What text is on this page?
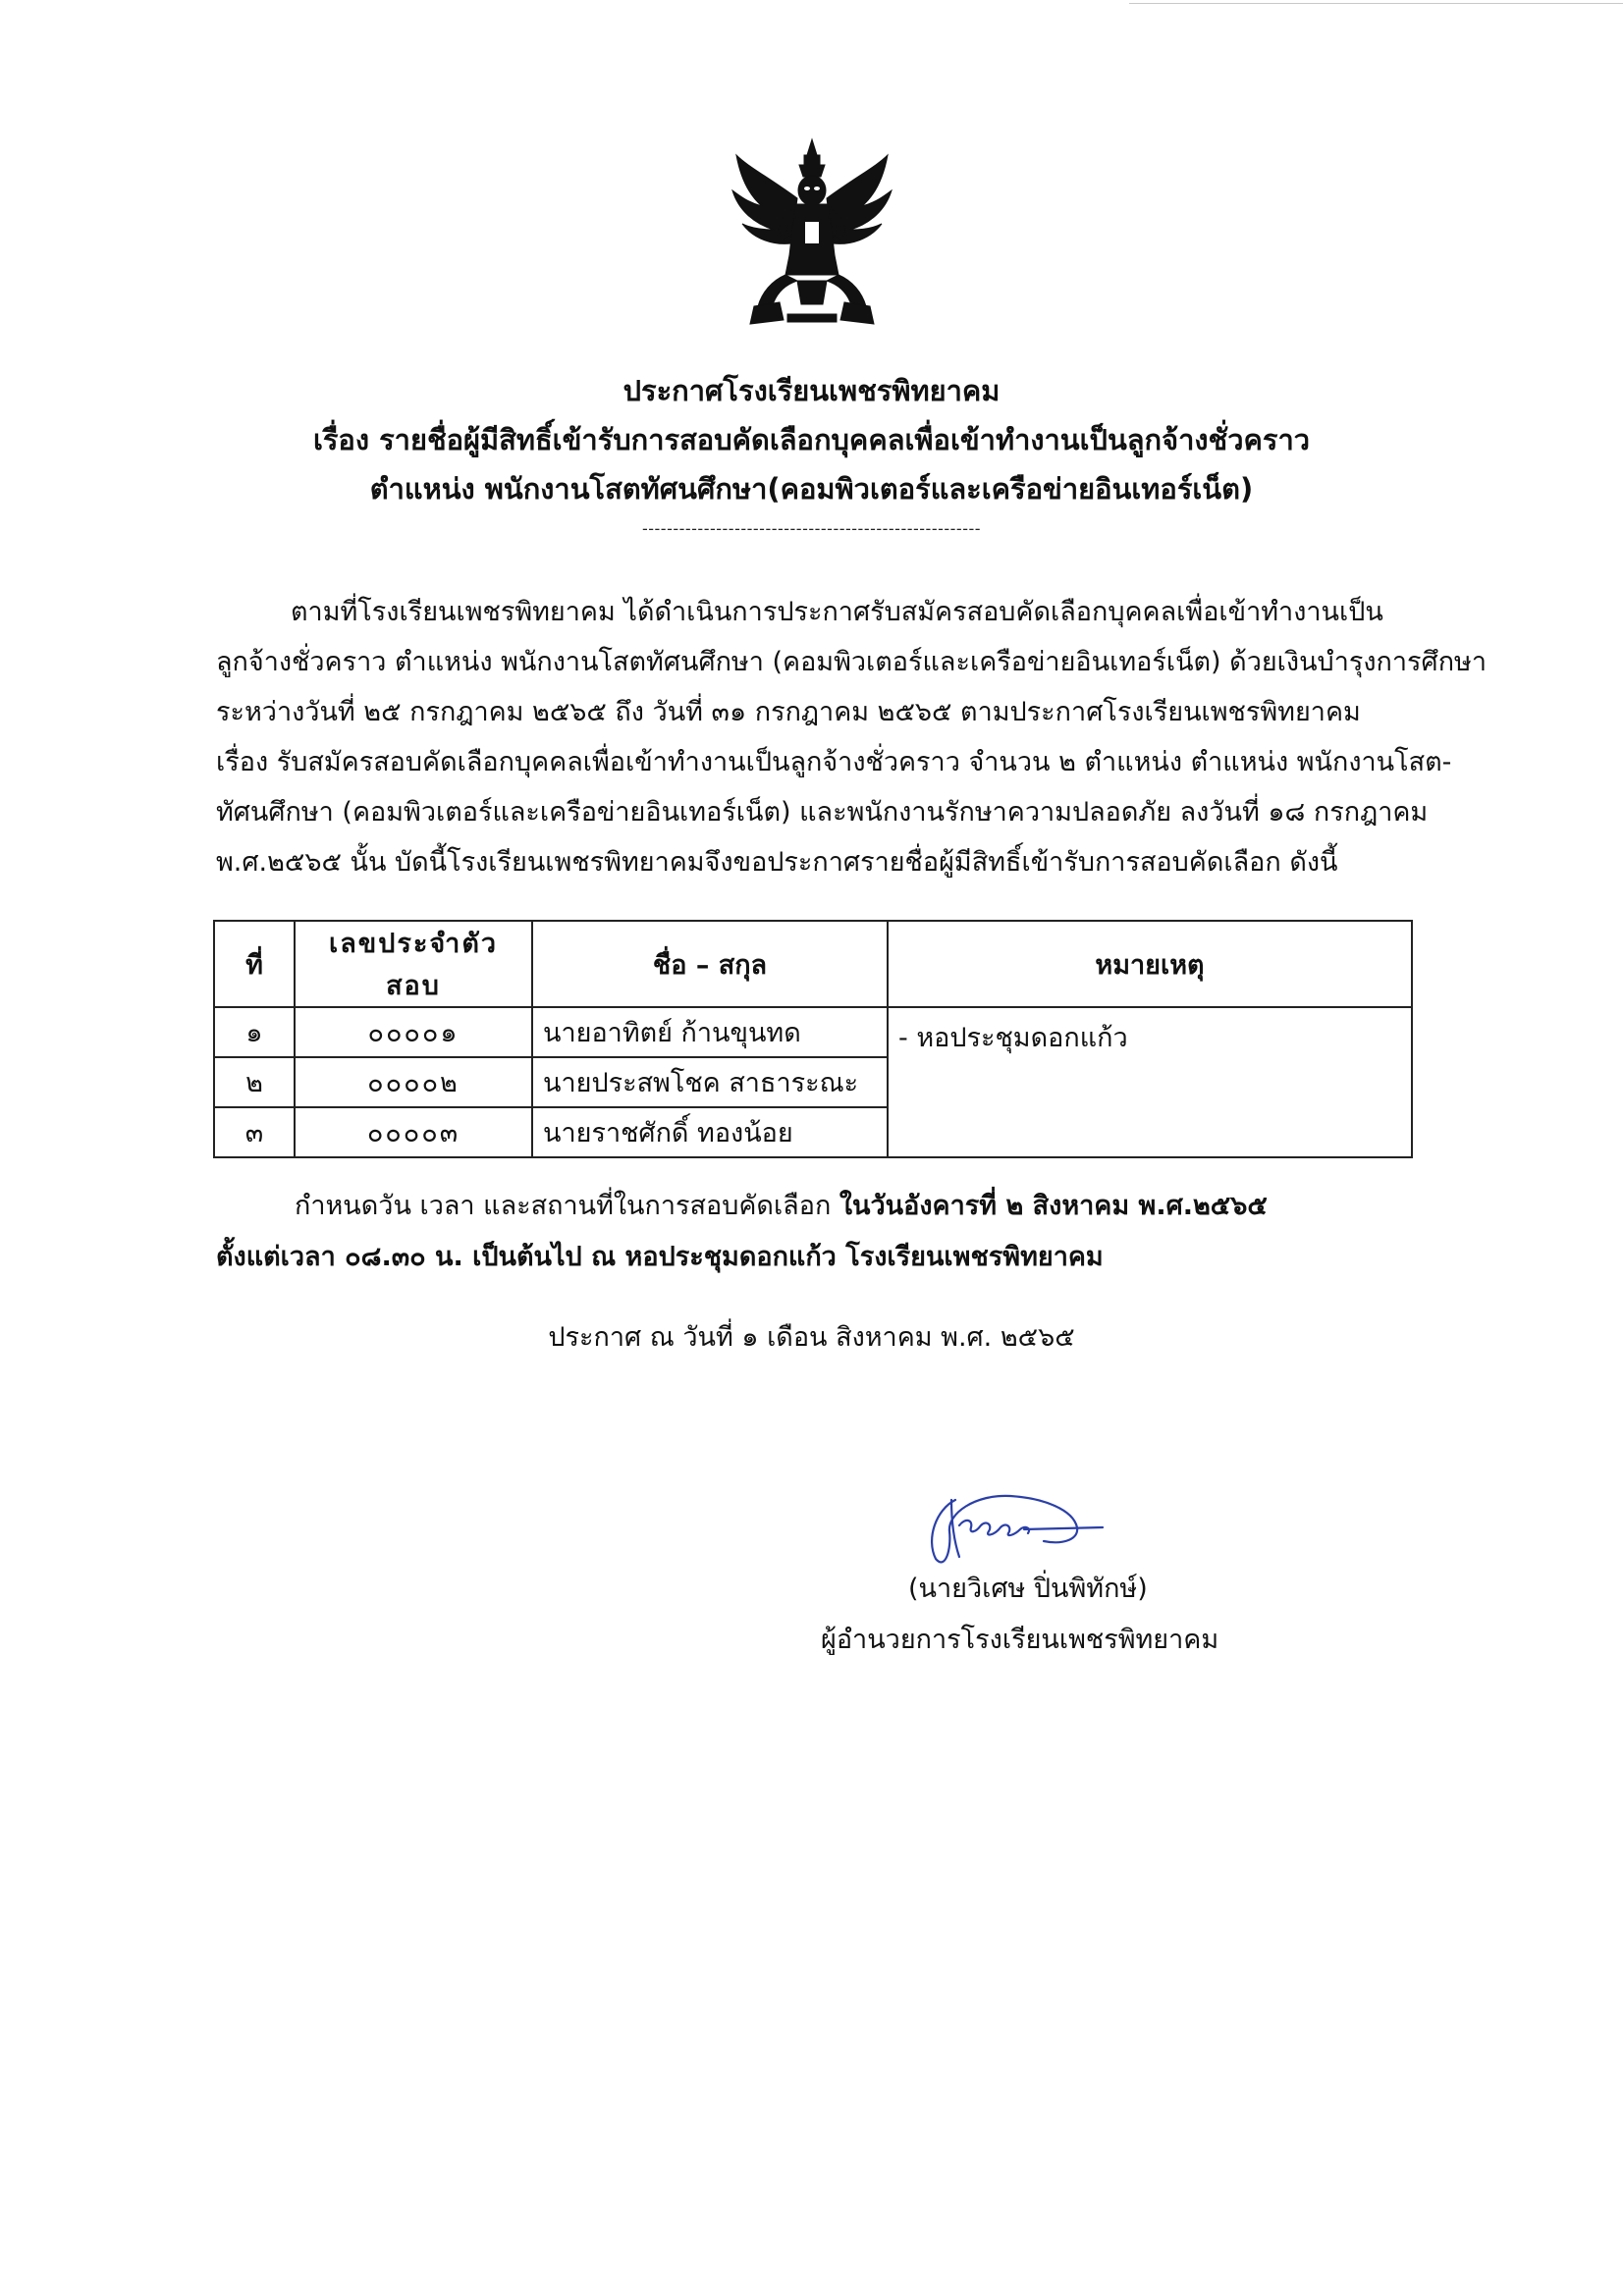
ประกาศโรงเรียนเพชรพิทยาคม
เรื่อง รายชื่อผู้มีสิทธิ์เข้ารับการสอบคัดเลือกบุคคลเพื่อเข้าทำงานเป็นลูกจ้างชั่วคราว
ตำแหน่ง พนักงานโสตทัศนศึกษา(คอมพิวเตอร์และเครือข่ายอินเทอร์เน็ต)
-------------------------------------------------------
ตามที่โรงเรียนเพชรพิทยาคม ได้ดำเนินการประกาศรับสมัครสอบคัดเลือกบุคคลเพื่อเข้าทำงานเป็น
ลูกจ้างชั่วคราว ตำแหน่ง พนักงานโสตทัศนศึกษา (คอมพิวเตอร์และเครือข่ายอินเทอร์เน็ต) ด้วยเงินบำรุงการศึกษา
ระหว่างวันที่ ๒๕ กรกฎาคม ๒๕๖๕ ถึง วันที่ ๓๑ กรกฎาคม ๒๕๖๕ ตามประกาศโรงเรียนเพชรพิทยาคม
เรื่อง รับสมัครสอบคัดเลือกบุคคลเพื่อเข้าทำงานเป็นลูกจ้างชั่วคราว จำนวน ๒ ตำแหน่ง ตำแหน่ง พนักงานโสต-
ทัศนศึกษา (คอมพิวเตอร์และเครือข่ายอินเทอร์เน็ต) และพนักงานรักษาความปลอดภัย ลงวันที่ ๑๘ กรกฎาคม
พ.ศ.๒๕๖๕ นั้น บัดนี้โรงเรียนเพชรพิทยาคมจึงขอประกาศรายชื่อผู้มีสิทธิ์เข้ารับการสอบคัดเลือก ดังนี้
ที่	เลขประจำตัวสอบ	ชื่อ – สกุล	หมายเหตุ
๑	๐๐๐๐๑	นายอาทิตย์ ก้านขุนทด	- หอประชุมดอกแก้ว
๒	๐๐๐๐๒	นายประสพโชค สาธาระณะ	
๓	๐๐๐๐๓	นายราชศักดิ์ ทองน้อย	
กำหนดวัน เวลา และสถานที่ในการสอบคัดเลือก ในวันอังคารที่ ๒ สิงหาคม พ.ศ.๒๕๖๕
ตั้งแต่เวลา ๐๘.๓๐ น. เป็นต้นไป ณ หอประชุมดอกแก้ว โรงเรียนเพชรพิทยาคม
ประกาศ ณ วันที่ ๑ เดือน สิงหาคม พ.ศ. ๒๕๖๕
(นายวิเศษ ปิ่นพิทักษ์)
ผู้อำนวยการโรงเรียนเพชรพิทยาคม
